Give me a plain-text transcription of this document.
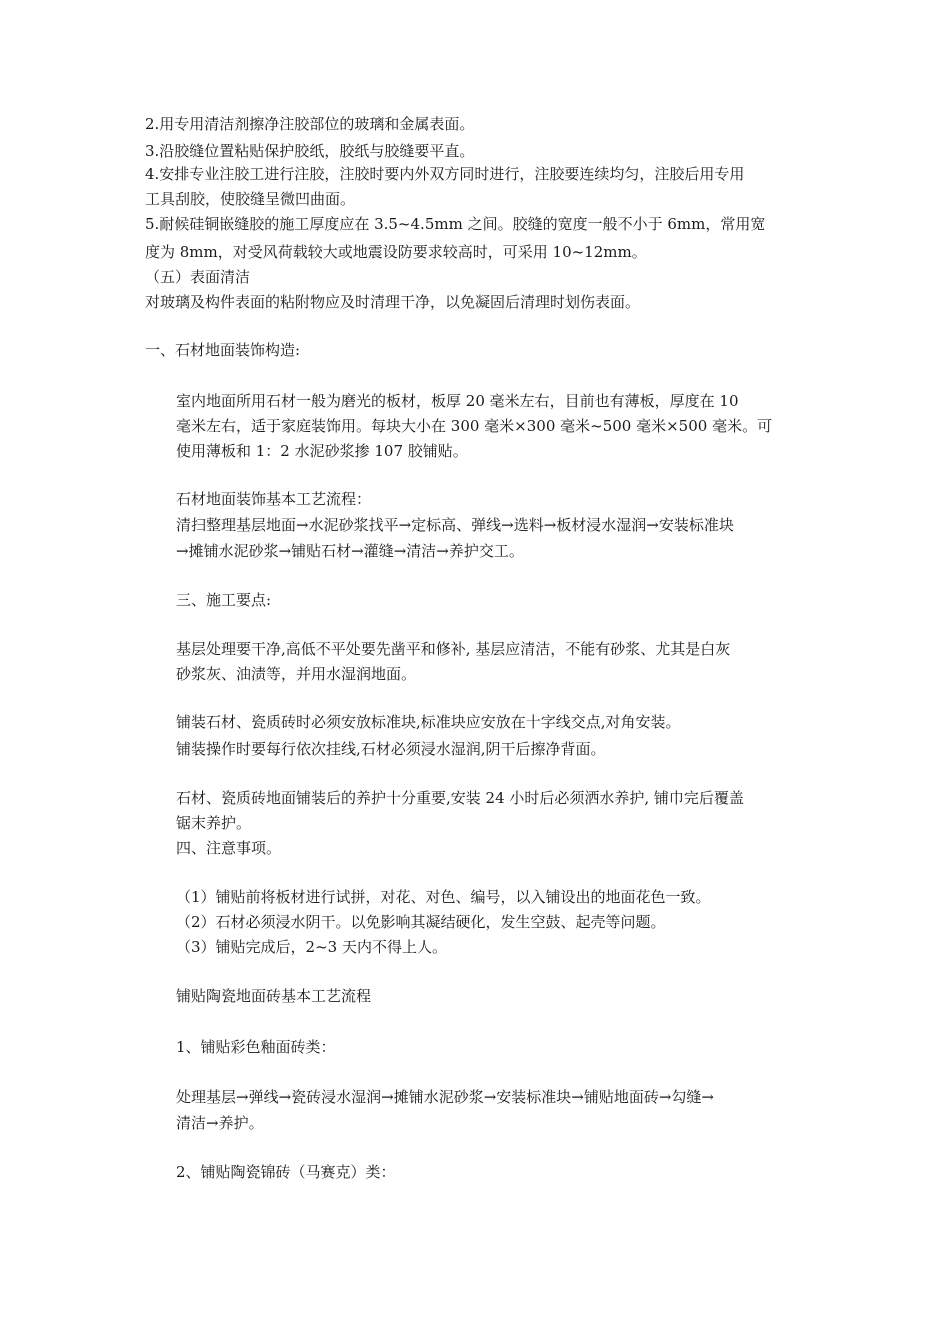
2.用专用清洁剂擦净注胶部位的玻璃和金属表面。
3.沿胶缝位置粘贴保护胶纸，胶纸与胶缝要平直。
4.安排专业注胶工进行注胶，注胶时要内外双方同时进行，注胶要连续均匀，注胶后用专用
工具刮胶，使胶缝呈微凹曲面。
5.耐候硅铜嵌缝胶的施工厚度应在 3.5~4.5mm 之间。胶缝的宽度一般不小于 6mm，常用宽
度为 8mm，对受风荷载较大或地震设防要求较高时，可采用 10~12mm。
（五）表面清洁
对玻璃及构件表面的粘附物应及时清理干净，以免凝固后清理时划伤表面。
一、石材地面装饰构造:
室内地面所用石材一般为磨光的板材，板厚 20 毫米左右，目前也有薄板，厚度在 10
毫米左右，适于家庭装饰用。每块大小在 300 毫米×300 毫米~500 毫米×500 毫米。可
使用薄板和 1：2 水泥砂浆掺 107 胶铺贴。
石材地面装饰基本工艺流程：
清扫整理基层地面→水泥砂浆找平→定标高、弹线→选料→板材浸水湿润→安装标准块
→摊铺水泥砂浆→铺贴石材→灌缝→清洁→养护交工。
三、施工要点:
基层处理要干净,高低不平处要先凿平和修补, 基层应清洁，不能有砂浆、尤其是白灰
砂浆灰、油渍等，并用水湿润地面。
铺装石材、瓷质砖时必须安放标准块,标准块应安放在十字线交点,对角安装。
铺装操作时要每行依次挂线,石材必须浸水湿润,阴干后擦净背面。
石材、瓷质砖地面铺装后的养护十分重要,安装 24 小时后必须洒水养护, 铺巾完后覆盖
锯末养护。
四、注意事项。
（1）铺贴前将板材进行试拼，对花、对色、编号，以入铺设出的地面花色一致。
（2）石材必须浸水阴干。以免影响其凝结硬化，发生空鼓、起壳等问题。
（3）铺贴完成后，2~3 天内不得上人。
铺贴陶瓷地面砖基本工艺流程
1、铺贴彩色釉面砖类：
处理基层→弹线→瓷砖浸水湿润→摊铺水泥砂浆→安装标准块→铺贴地面砖→勾缝→
清洁→养护。
2、铺贴陶瓷锦砖（马赛克）类：
